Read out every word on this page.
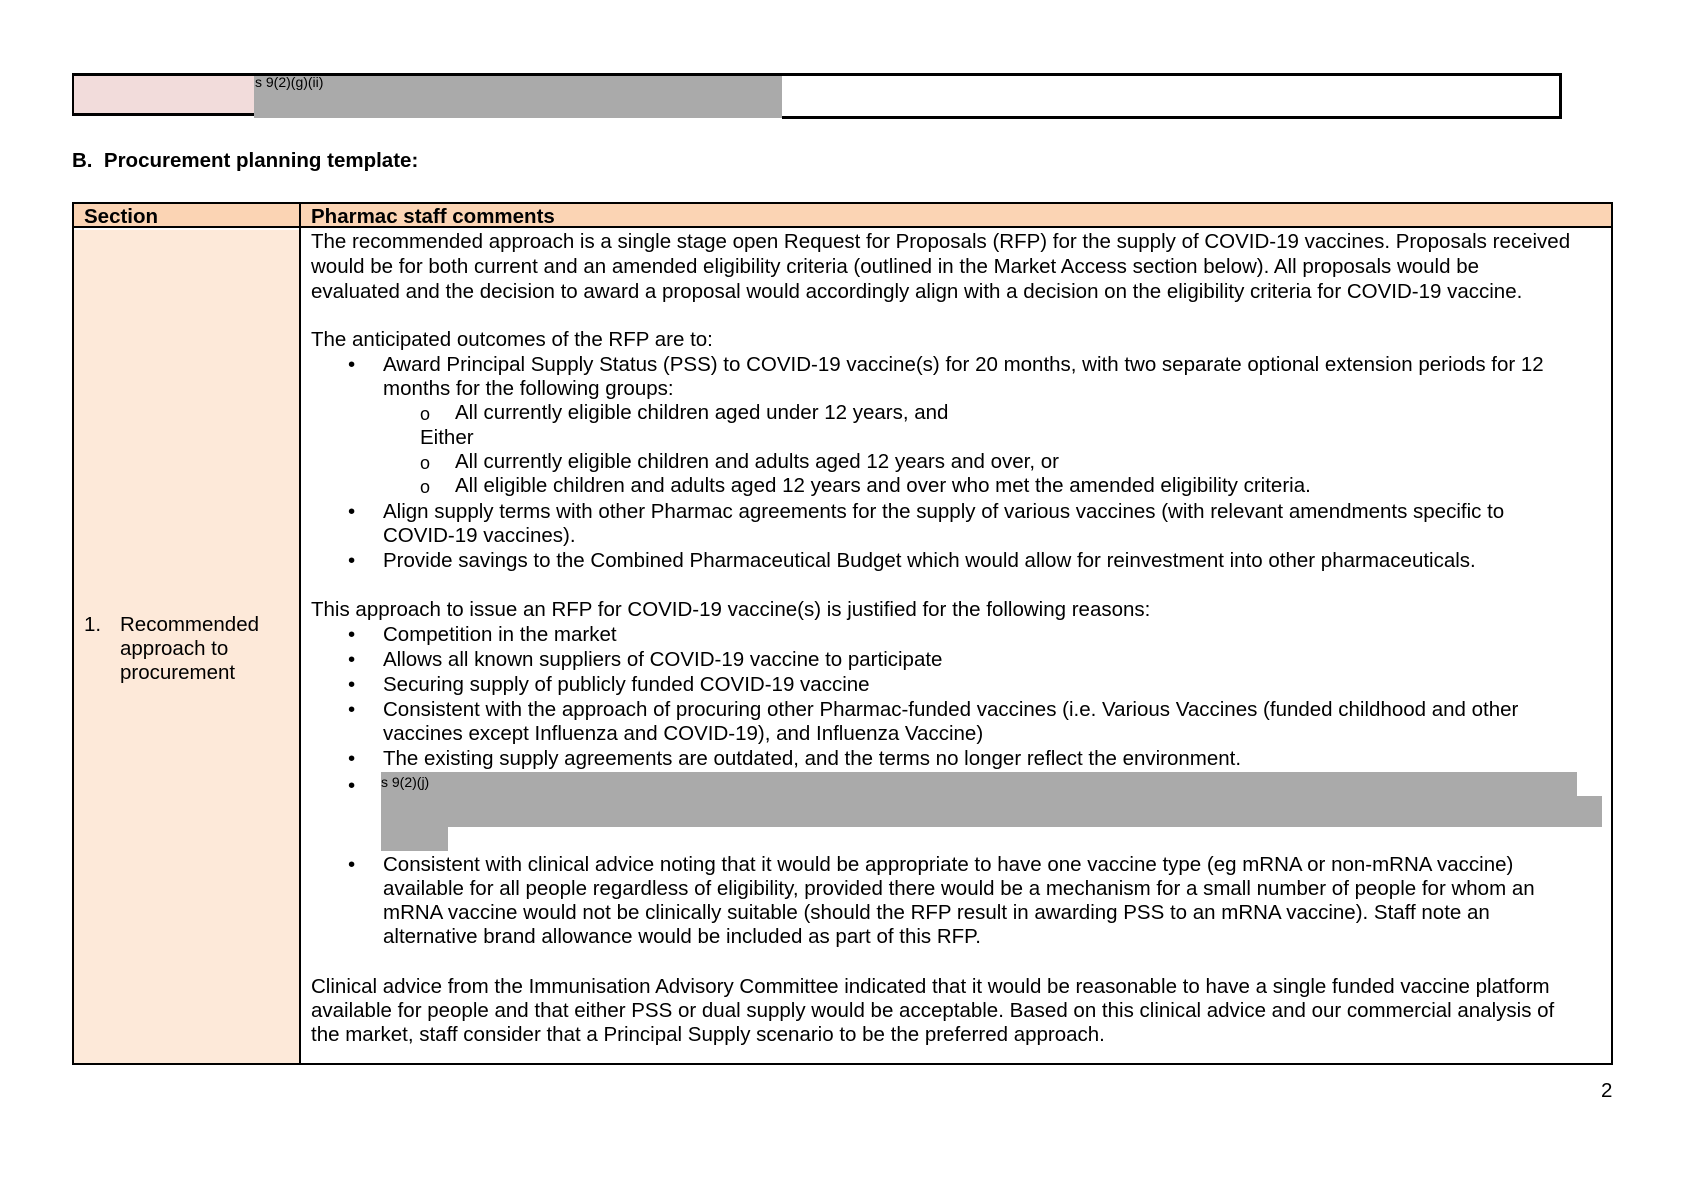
s 9(2)(g)(ii)
B.  Procurement planning template:
Section	Pharmac staff comments
1. Recommended
approach to
procurement
The recommended approach is a single stage open Request for Proposals (RFP) for the supply of COVID-19 vaccines. Proposals received
would be for both current and an amended eligibility criteria (outlined in the Market Access section below). All proposals would be
evaluated and the decision to award a proposal would accordingly align with a decision on the eligibility criteria for COVID-19 vaccine.
The anticipated outcomes of the RFP are to:
• Award Principal Supply Status (PSS) to COVID-19 vaccine(s) for 20 months, with two separate optional extension periods for 12
months for the following groups:
o All currently eligible children aged under 12 years, and
Either
o All currently eligible children and adults aged 12 years and over, or
o All eligible children and adults aged 12 years and over who met the amended eligibility criteria.
• Align supply terms with other Pharmac agreements for the supply of various vaccines (with relevant amendments specific to
COVID-19 vaccines).
• Provide savings to the Combined Pharmaceutical Budget which would allow for reinvestment into other pharmaceuticals.
This approach to issue an RFP for COVID-19 vaccine(s) is justified for the following reasons:
• Competition in the market
• Allows all known suppliers of COVID-19 vaccine to participate
• Securing supply of publicly funded COVID-19 vaccine
• Consistent with the approach of procuring other Pharmac-funded vaccines (i.e. Various Vaccines (funded childhood and other
vaccines except Influenza and COVID-19), and Influenza Vaccine)
• The existing supply agreements are outdated, and the terms no longer reflect the environment.
• s 9(2)(j)
• Consistent with clinical advice noting that it would be appropriate to have one vaccine type (eg mRNA or non-mRNA vaccine)
available for all people regardless of eligibility, provided there would be a mechanism for a small number of people for whom an
mRNA vaccine would not be clinically suitable (should the RFP result in awarding PSS to an mRNA vaccine). Staff note an
alternative brand allowance would be included as part of this RFP.
Clinical advice from the Immunisation Advisory Committee indicated that it would be reasonable to have a single funded vaccine platform
available for people and that either PSS or dual supply would be acceptable. Based on this clinical advice and our commercial analysis of
the market, staff consider that a Principal Supply scenario to be the preferred approach.
2
